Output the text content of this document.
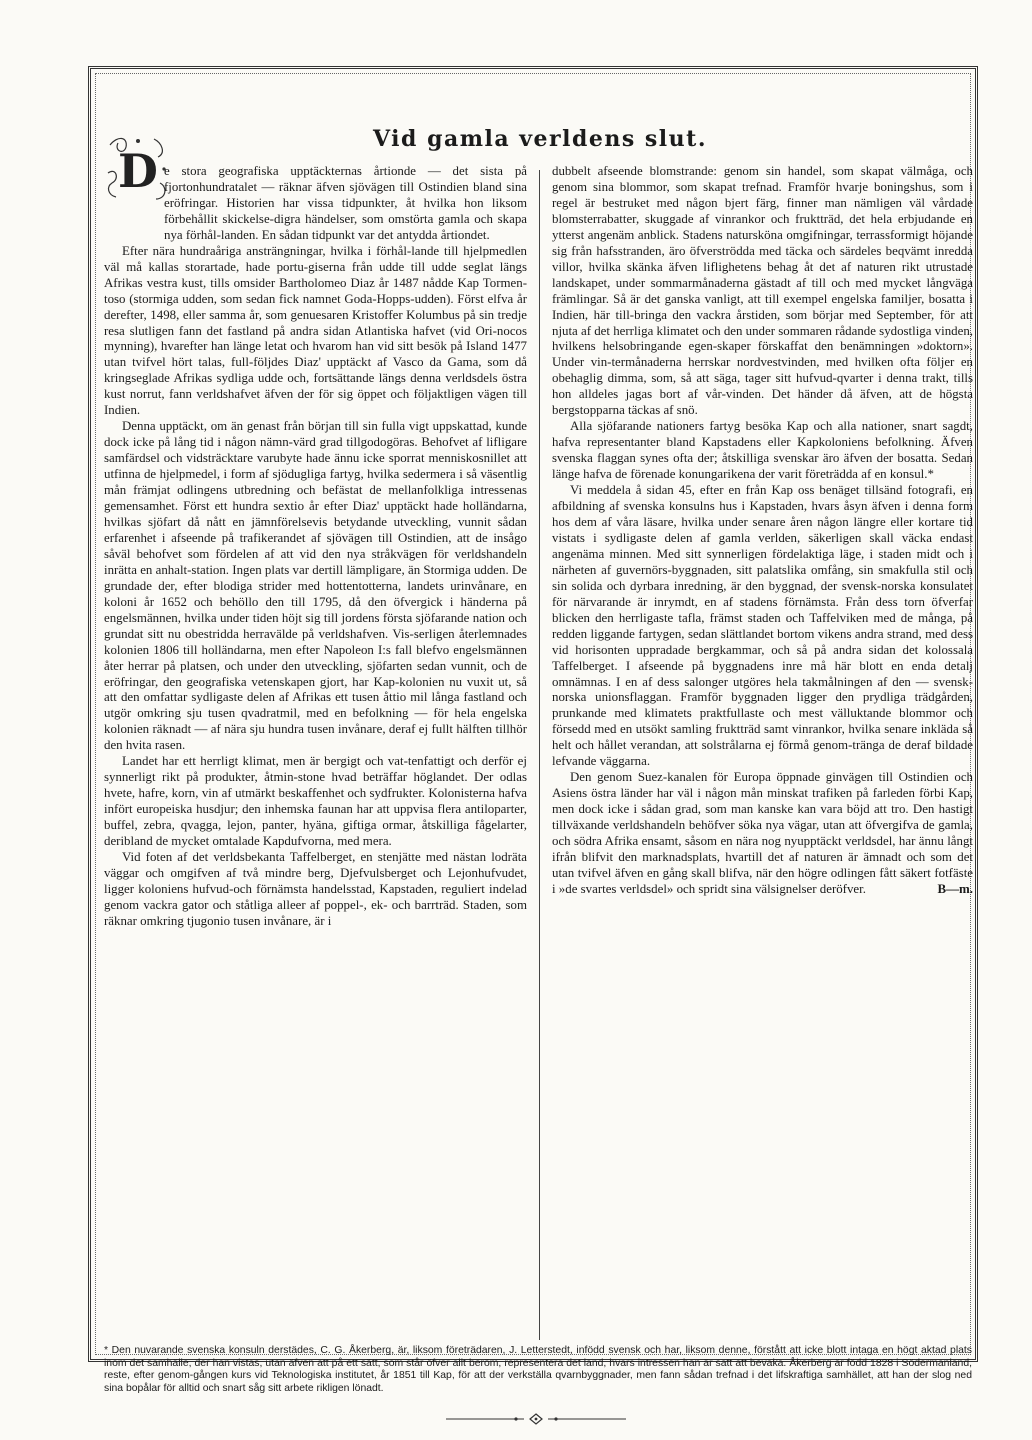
Vid gamla verldens slut.
D e stora geografiska upptäckternas årtionde — det sista på fjortonhundratalet — räknar äfven sjövägen till Ostindien bland sina eröfringar. Historien har vissa tidpunkter, åt hvilka hon liksom förbehållit skickelse-digra händelser, som omstörta gamla och skapa nya förhål-landen. En sådan tidpunkt var det antydda årtiondet.

Efter nära hundraåriga ansträngningar, hvilka i förhål-lande till hjelpmedlen väl må kallas storartade, hade portu-giserna från udde till udde seglat längs Afrikas vestra kust, tills omsider Bartholomeo Diaz år 1487 nådde Kap Tormen-toso (stormiga udden, som sedan fick namnet Goda-Hopps-udden). Först elfva år derefter, 1498, eller samma år, som genuesaren Kristoffer Kolumbus på sin tredje resa slutligen fann det fastland på andra sidan Atlantiska hafvet (vid Ori-nocos mynning), hvarefter han länge letat och hvarom han vid sitt besök på Island 1477 utan tvifvel hört talas, full-följdes Diaz' upptäckt af Vasco da Gama, som då kringseglade Afrikas sydliga udde och, fortsättande längs denna verldsdels östra kust norrut, fann verldshafvet äfven der för sig öppet och följaktligen vägen till Indien.

Denna upptäckt, om än genast från början till sin fulla vigt uppskattad, kunde dock icke på lång tid i någon nämn-värd grad tillgodogöras. Behofvet af lifligare samfärdsel och vidsträcktare varubyte hade ännu icke sporrat menniskosnillet att utfinna de hjelpmedel, i form af sjödugliga fartyg, hvilka sedermera i så väsentlig mån främjat odlingens utbredning och befästat de mellanfolkliga intressenas gemensamhet. Först ett hundra sextio år efter Diaz' upptäckt hade holländarna, hvilkas sjöfart då nått en jämnförelsevis betydande utveckling, vunnit sådan erfarenhet i afseende på trafikerandet af sjövägen till Ostindien, att de insågo såväl behofvet som fördelen af att vid den nya stråkvägen för verldshandeln inrätta en anhalt-station. Ingen plats var dertill lämpligare, än Stormiga udden. De grundade der, efter blodiga strider med hottentotterna, landets urinvånare, en koloni år 1652 och behöllo den till 1795, då den öfvergick i händerna på engelsmännen, hvilka under tiden höjt sig till jordens första sjöfarande nation och grundat sitt nu obestridda herravälde på verldshafven. Vis-serligen återlemnades kolonien 1806 till holländarna, men efter Napoleon I:s fall blefvo engelsmännen åter herrar på platsen, och under den utveckling, sjöfarten sedan vunnit, och de eröfringar, den geografiska vetenskapen gjort, har Kap-kolonien nu vuxit ut, så att den omfattar sydligaste delen af Afrikas ett tusen åttio mil långa fastland och utgör omkring sju tusen qvadratmil, med en befolkning — för hela engelska kolonien räknadt — af nära sju hundra tusen invånare, deraf ej fullt hälften tillhör den hvita rasen.

Landet har ett herrligt klimat, men är bergigt och vat-tenfattigt och derför ej synnerligt rikt på produkter, åtmin-stone hvad beträffar höglandet. Der odlas hvete, hafre, korn, vin af utmärkt beskaffenhet och sydfrukter. Kolonisterna hafva infört europeiska husdjur; den inhemska faunan har att uppvisa flera antiloparter, buffel, zebra, qvagga, lejon, panter, hyäna, giftiga ormar, åtskilliga fågelarter, deribland de mycket omtalade Kapdufvorna, med mera.

Vid foten af det verldsbekanta Taffelberget, en stenjätte med nästan lodräta väggar och omgifven af två mindre berg, Djefvulsberget och Lejonhufvudet, ligger koloniens hufvud-och förnämsta handelsstad, Kapstaden, reguliert indelad genom vackra gator och ståtliga alleer af poppel-, ek- och barrträd. Staden, som räknar omkring tjugonio tusen invånare, är i

dubbelt afseende blomstrande: genom sin handel, som skapat välmåga, och genom sina blommor, som skapat trefnad. Framför hvarje boningshus, som i regel är bestruket med någon bjert färg, finner man nämligen väl vårdade blomsterrabatter, skuggade af vinrankor och fruktträd, det hela erbjudande en ytterst angenäm anblick. Stadens natursköna omgifningar, terrassformigt höjande sig från hafsstranden, äro öfverströdda med täcka och särdeles beqvämt inredda villor, hvilka skänka äfven liflighetens behag åt det af naturen rikt utrustade landskapet, under sommarmånaderna gästadt af till och med mycket långväga främlingar. Så är det ganska vanligt, att till exempel engelska familjer, bosatta i Indien, här till-bringa den vackra årstiden, som börjar med September, för att njuta af det herrliga klimatet och den under sommaren rådande sydostliga vinden, hvilkens helsobringande egen-skaper förskaffat den benämningen »doktorn». Under vin-termånaderna herrskar nordvestvinden, med hvilken ofta följer en obehaglig dimma, som, så att säga, tager sitt hufvud-qvarter i denna trakt, tills hon alldeles jagas bort af vår-vinden. Det händer då äfven, att de högsta bergstopparna täckas af snö.

Alla sjöfarande nationers fartyg besöka Kap och alla nationer, snart sagdt, hafva representanter bland Kapstadens eller Kapkoloniens befolkning. Äfven svenska flaggan synes ofta der; åtskilliga svenskar äro äfven der bosatta. Sedan länge hafva de förenade konungarikena der varit företrädda af en konsul.*

Vi meddela å sidan 45, efter en från Kap oss benäget tillsänd fotografi, en afbildning af svenska konsulns hus i Kapstaden, hvars åsyn äfven i denna form hos dem af våra läsare, hvilka under senare åren någon längre eller kortare tid vistats i sydligaste delen af gamla verlden, säkerligen skall väcka endast angenäma minnen. Med sitt synnerligen fördelaktiga läge, i staden midt och i närheten af guvernörs-byggnaden, sitt palatslika omfång, sin smakfulla stil och sin solida och dyrbara inredning, är den byggnad, der svensk-norska konsulatet för närvarande är inrymdt, en af stadens förnämsta. Från dess torn öfverfar blicken den herrligaste tafla, främst staden och Taffelviken med de många, på redden liggande fartygen, sedan slättlandet bortom vikens andra strand, med dess vid horisonten uppradade bergkammar, och så på andra sidan det kolossala Taffelberget. I afseende på byggnadens inre må här blott en enda detalj omnämnas. I en af dess salonger utgöres hela takmålningen af den — svensk-norska unionsflaggan. Framför byggnaden ligger den prydliga trädgården, prunkande med klimatets praktfullaste och mest välluktande blommor och försedd med en utsökt samling fruktträd samt vinrankor, hvilka senare inkläda så helt och hållet verandan, att solstrålarna ej förmå genom-tränga de deraf bildade lefvande väggarna.

Den genom Suez-kanalen för Europa öppnade ginvägen till Ostindien och Asiens östra länder har väl i någon mån minskat trafiken på farleden förbi Kap, men dock icke i sådan grad, som man kanske kan vara böjd att tro. Den hastigt tillväxande verldshandeln behöfver söka nya vägar, utan att öfvergifva de gamla, och södra Afrika ensamt, såsom en nära nog nyupptäckt verldsdel, har ännu långt ifrån blifvit den marknadsplats, hvartill det af naturen är ämnadt och som det utan tvifvel äfven en gång skall blifva, när den högre odlingen fått säkert fotfäste i »de svartes verldsdel» och spridt sina välsignelser deröfver.	B—m.

* Den nuvarande svenska konsuln derstädes, C. G. Åkerberg, är, liksom företrädaren, J. Letterstedt, infödd svensk och har, liksom denne, förstått att icke blott intaga en högt aktad plats inom det samhälle, der han vistas, utan äfven att på ett sätt, som står öfver allt beröm, representera det land, hvars intressen han är satt att bevaka. Åkerberg är född 1828 i Södermanland, reste, efter genom-gången kurs vid Teknologiska institutet, år 1851 till Kap, för att der verkställa qvarnbyggnader, men fann sådan trefnad i det lifskraftiga samhället, att han der slog ned sina bopålar för alltid och snart såg sitt arbete rikligen lönadt.
